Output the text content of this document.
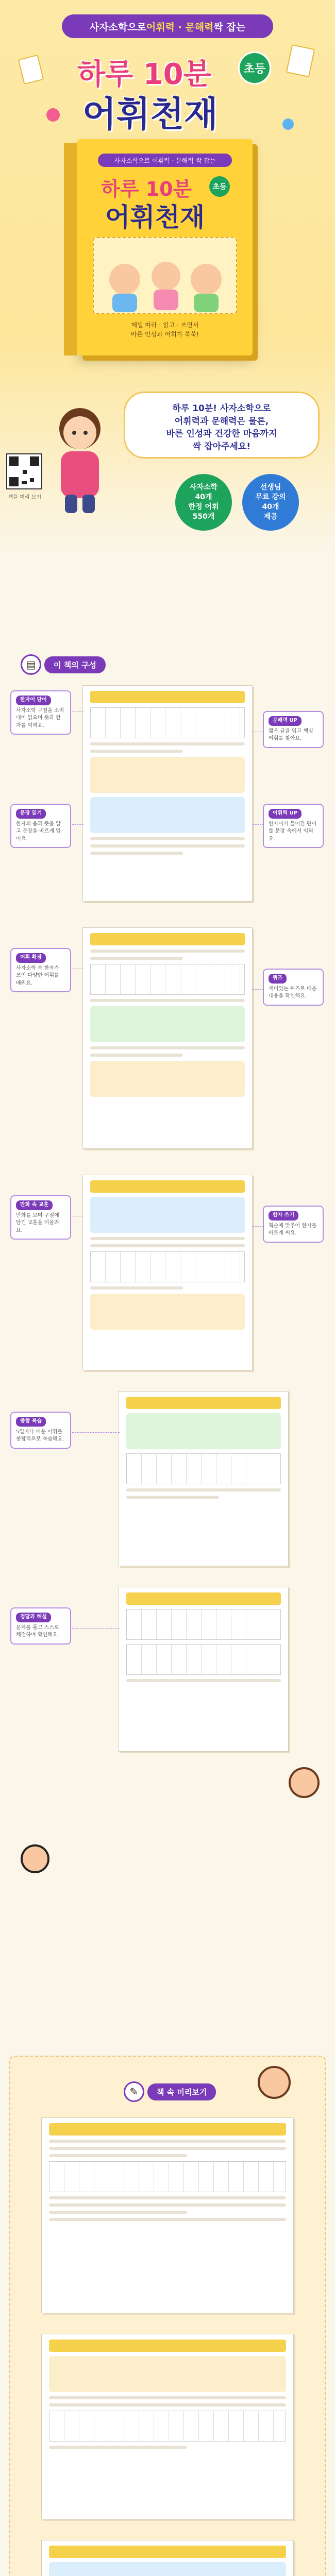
사자소학으로 어휘력 · 문해력 싹 잡는
하루 10분	초등
어휘천재
사자소학으로 어휘력 · 문해력 싹 잡는
하루 10분	초등
어휘천재
매일 따라 · 읽고 · 쓰면서
바른 인성과 어휘가 쑥쑥!
책을 미리 보기
하루 10분! 사자소학으로
어휘력과 문해력은 물론,
바른 인성과 건강한 마음까지
싹 잡아주세요!
사자소학
40개
한정 어휘
550개
선생님
무료 강의
40개
제공
▤	이 책의 구성
한자어 단어
사자소학 구절을 소리 내어 읽으며 뜻과 한자를 익혀요.
문장 읽기
한자의 음과 뜻을 알고 문장을 바르게 읽어요.
문해력 UP
짧은 글을 읽고 핵심 어휘를 찾아요.
어휘력 UP
한자어가 들어간 단어를 문장 속에서 익혀요.
어휘 확장
사자소학 속 한자가 쓰인 다양한 어휘를 배워요.
퀴즈
재미있는 퀴즈로 배운 내용을 확인해요.
만화 속 교훈
만화를 보며 구절에 담긴 교훈을 떠올려요.
한자 쓰기
획순에 맞추어 한자를 바르게 써요.
종합 복습
5일마다 배운 어휘를 종합적으로 복습해요.
정답과 해설
문제를 풀고 스스로 채점하며 확인해요.
✎	책 속 미리보기
